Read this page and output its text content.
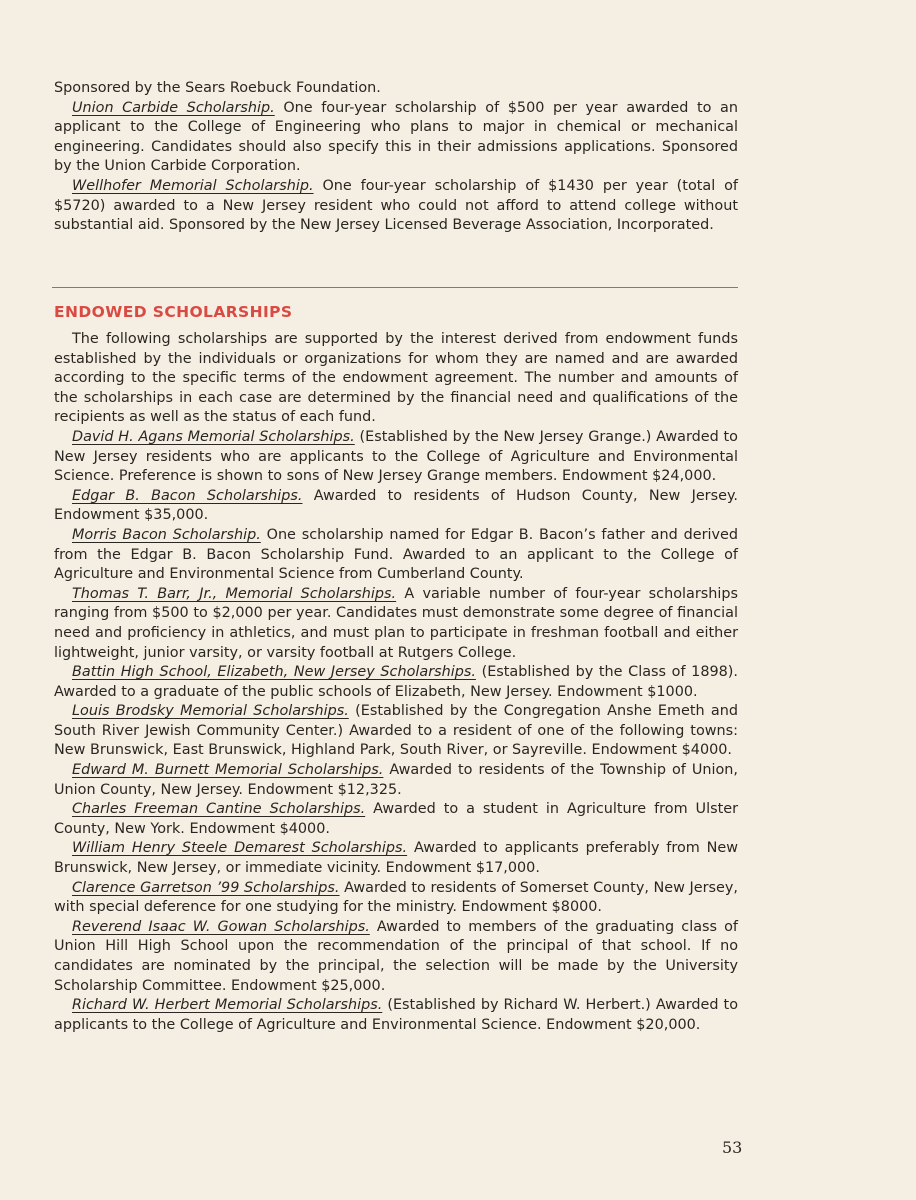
Sponsored by the Sears Roebuck Foundation.

Union Carbide Scholarship. One four-year scholarship of $500 per year awarded to an applicant to the College of Engineering who plans to major in chemical or mechanical engineering. Candidates should also specify this in their admissions applications. Sponsored by the Union Carbide Corporation.

Wellhofer Memorial Scholarship. One four-year scholarship of $1430 per year (total of $5720) awarded to a New Jersey resident who could not afford to attend college without substantial aid. Sponsored by the New Jersey Licensed Beverage Association, Incorporated.

ENDOWED SCHOLARSHIPS

The following scholarships are supported by the interest derived from endowment funds established by the individuals or organizations for whom they are named and are awarded according to the specific terms of the endowment agreement. The number and amounts of the scholarships in each case are determined by the financial need and qualifications of the recipients as well as the status of each fund.

David H. Agans Memorial Scholarships. (Established by the New Jersey Grange.) Awarded to New Jersey residents who are applicants to the College of Agriculture and Environmental Science. Preference is shown to sons of New Jersey Grange members. Endowment $24,000.

Edgar B. Bacon Scholarships. Awarded to residents of Hudson County, New Jersey. Endowment $35,000.

Morris Bacon Scholarship. One scholarship named for Edgar B. Bacon’s father and derived from the Edgar B. Bacon Scholarship Fund. Awarded to an applicant to the College of Agriculture and Environmental Science from Cumberland County.

Thomas T. Barr, Jr., Memorial Scholarships. A variable number of four-year scholarships ranging from $500 to $2,000 per year. Candidates must demonstrate some degree of financial need and proficiency in athletics, and must plan to participate in freshman football and either lightweight, junior varsity, or varsity football at Rutgers College.

Battin High School, Elizabeth, New Jersey Scholarships. (Established by the Class of 1898). Awarded to a graduate of the public schools of Elizabeth, New Jersey. Endowment $1000.

Louis Brodsky Memorial Scholarships. (Established by the Congregation Anshe Emeth and South River Jewish Community Center.) Awarded to a resident of one of the following towns: New Brunswick, East Brunswick, Highland Park, South River, or Sayreville. Endowment $4000.

Edward M. Burnett Memorial Scholarships. Awarded to residents of the Township of Union, Union County, New Jersey. Endowment $12,325.

Charles Freeman Cantine Scholarships. Awarded to a student in Agriculture from Ulster County, New York. Endowment $4000.

William Henry Steele Demarest Scholarships. Awarded to applicants preferably from New Brunswick, New Jersey, or immediate vicinity. Endowment $17,000.

Clarence Garretson ’99 Scholarships. Awarded to residents of Somerset County, New Jersey, with special deference for one studying for the ministry. Endowment $8000.

Reverend Isaac W. Gowan Scholarships. Awarded to members of the graduating class of Union Hill High School upon the recommendation of the principal of that school. If no candidates are nominated by the principal, the selection will be made by the University Scholarship Committee. Endowment $25,000.

Richard W. Herbert Memorial Scholarships. (Established by Richard W. Herbert.) Awarded to applicants to the College of Agriculture and Environmental Science. Endowment $20,000.

53
